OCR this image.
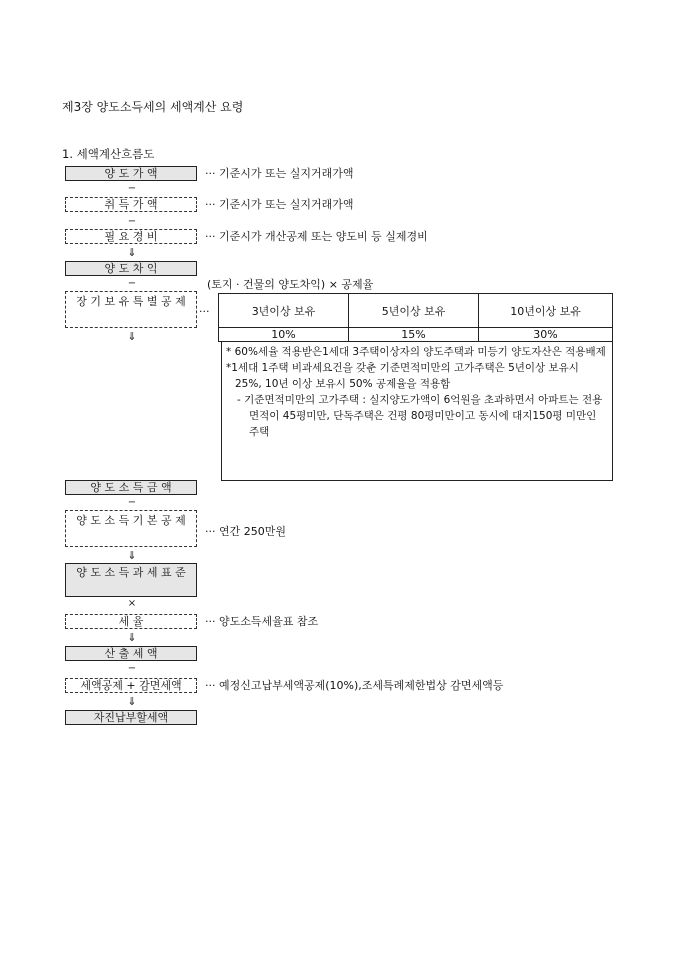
제3장 양도소득세의 세액계산 요령
1. 세액계산흐름도
양 도 가 액	··· 기준시가 또는 실지거래가액
−
취 득 가 액	··· 기준시가 또는 실지거래가액
−
필 요 경 비	··· 기준시가 개산공제 또는 양도비 등 실제경비
⇓
양 도 차 익
−
장 기 보 유 특 별 공 제
···
(토지 · 건물의 양도차익) × 공제율
3년이상 보유	5년이상 보유	10년이상 보유
10%	15%	30%
⇓

* 60%세율 적용받은1세대 3주택이상자의 양도주택과 미등기 양도자산은 적용배제

*1세대 1주택 비과세요건을 갖춘 기준면적미만의 고가주택은 5년이상 보유시 25%, 10년 이상 보유시 50% 공제율을 적용함

- 기준면적미만의 고가주택 : 실지양도가액이 6억원을 초과하면서 아파트는 전용면적이 45평미만, 단독주택은 건평 80평미만이고 동시에 대지150평 미만인 주택

양 도 소 득 금 액
−
양 도 소 득 기 본 공 제
··· 연간 250만원
⇓
양 도 소 득 과 세 표 준
×
세 율	··· 양도소득세율표 참조
⇓
산 출 세 액
−
세액공제 + 감면세액	··· 예정신고납부세액공제(10%),조세특례제한법상 감면세액등
⇓
자진납부할세액
